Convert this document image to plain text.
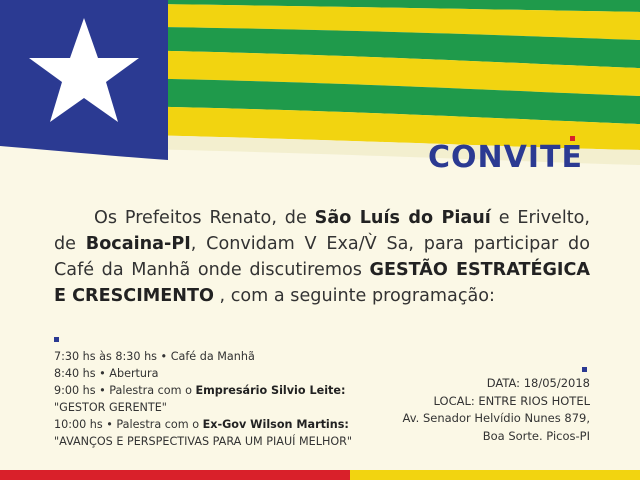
CONVITE

Os Prefeitos Renato, de São Luís do Piauí e Erivelto, de Bocaina-PI, Convidam V Exa/V̀ Sa, para participar do Café da Manhã onde discutiremos GESTÃO ESTRATÉGICA E CRESCIMENTO , com a seguinte programação:

7:30 hs às 8:30 hs • Café da Manhã
8:40 hs • Abertura
9:00 hs • Palestra com o Empresário Silvio Leite:
"GESTOR GERENTE"
10:00 hs • Palestra com o Ex-Gov Wilson Martins:
"AVANÇOS E PERSPECTIVAS PARA UM PIAUÍ MELHOR"
DATA: 18/05/2018
LOCAL: ENTRE RIOS HOTEL
Av. Senador Helvídio Nunes 879,
Boa Sorte. Picos-PI
